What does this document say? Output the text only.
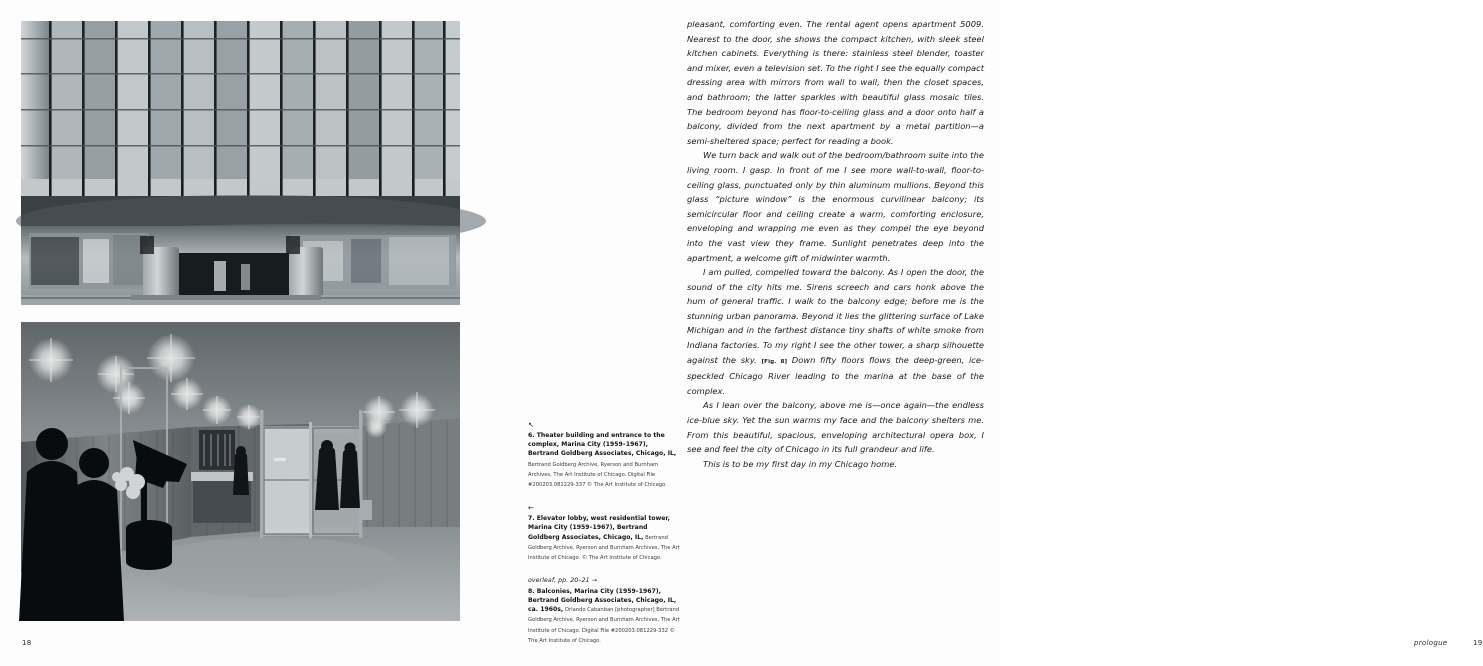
18

pleasant, comforting even. The rental agent opens apartment 5009. Nearest to the door, she shows the compact kitchen, with sleek steel kitchen cabinets. Everything is there: stainless steel blender, toaster and mixer, even a television set. To the right I see the equally compact dressing area with mirrors from wall to wall, then the closet spaces, and bathroom; the latter sparkles with beautiful glass mosaic tiles. The bedroom beyond has floor-to-ceiling glass and a door onto half a balcony, divided from the next apartment by a metal partition—a semi-sheltered space; perfect for reading a book.

We turn back and walk out of the bedroom/bathroom suite into the living room. I gasp. In front of me I see more wall-to-wall, floor-to-ceiling glass, punctuated only by thin aluminum mullions. Beyond this glass “picture window” is the enormous curvilinear balcony; its semicircular floor and ceiling create a warm, comforting enclosure, enveloping and wrapping me even as they compel the eye beyond into the vast view they frame. Sunlight penetrates deep into the apartment, a welcome gift of midwinter warmth.

I am pulled, compelled toward the balcony. As I open the door, the sound of the city hits me. Sirens screech and cars honk above the hum of general traffic. I walk to the balcony edge; before me is the stunning urban panorama. Beyond it lies the glittering surface of Lake Michigan and in the farthest distance tiny shafts of white smoke from Indiana factories. To my right I see the other tower, a sharp silhouette against the sky. [Fig. 8] Down fifty floors flows the deep-green, ice-speckled Chicago River leading to the marina at the base of the complex.

As I lean over the balcony, above me is—once again—the endless ice-blue sky. Yet the sun warms my face and the balcony shelters me. From this beautiful, spacious, enveloping architectural opera box, I see and feel the city of Chicago in its full grandeur and life.

This is to be my first day in my Chicago home.

↖
6. Theater building and entrance to the complex, Marina City (1959–1967), Bertrand Goldberg Associates, Chicago, IL, Bertrand Goldberg Archive, Ryerson and Burnham Archives, The Art Institute of Chicago. Digital File #200203.081229-337 © The Art Institute of Chicago.
←
7. Elevator lobby, west residential tower, Marina City (1959–1967), Bertrand Goldberg Associates, Chicago, IL, Bertrand Goldberg Archive, Ryerson and Burnham Archives, The Art Institute of Chicago. © The Art Institute of Chicago.
overleaf, pp. 20–21 →
8. Balconies, Marina City (1959–1967), Bertrand Goldberg Associates, Chicago, IL, ca. 1960s, Orlando Cabanban [photographer] Bertrand Goldberg Archive, Ryerson and Burnham Archives, The Art Institute of Chicago. Digital File #200203.081229-332 © The Art Institute of Chicago.	prologue	19
